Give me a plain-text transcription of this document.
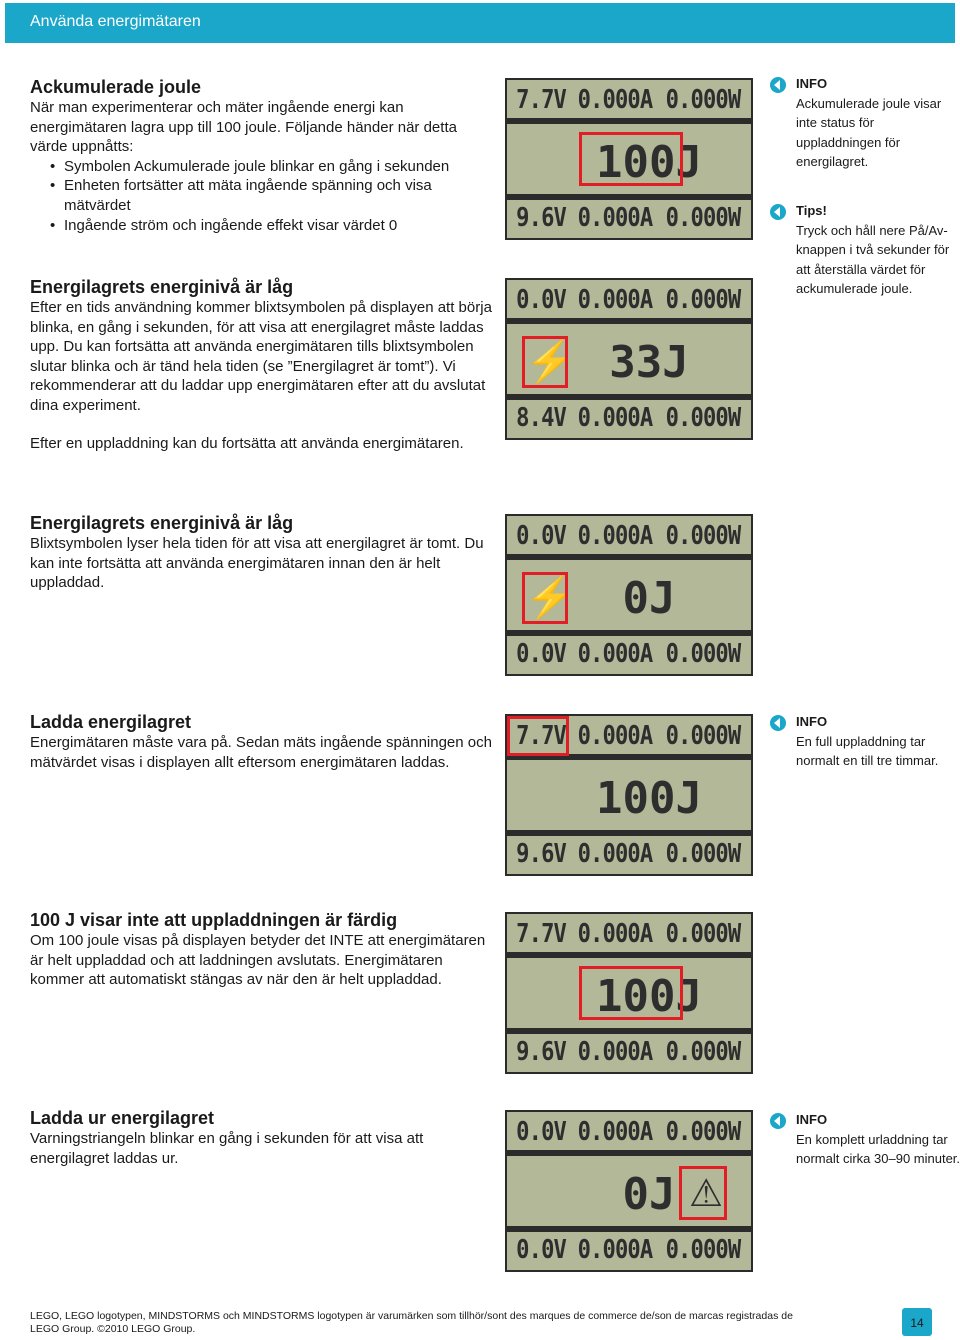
Använda energimätaren
Ackumulerade joule

När man experimenterar och mäter ingående energi kan energimätaren lagra upp till 100 joule. Följande händer när detta värde uppnåtts:

• Symbolen Ackumulerade joule blinkar en gång i sekunden
• Enheten fortsätter att mäta ingående spänning och visa mätvärdet
• Ingående ström och ingående effekt visar värdet 0
Energilagrets energinivå är låg

Efter en tids användning kommer blixtsymbolen på displayen att börja blinka, en gång i sekunden, för att visa att energilagret måste laddas upp. Du kan fortsätta att använda energimätaren tills blixtsymbolen slutar blinka och är tänd hela tiden (se ”Energilagret är tomt”). Vi rekommenderar att du laddar upp energimätaren efter att du avslutat dina experiment.

Efter en uppladdning kan du fortsätta att använda energimätaren.

Energilagrets energinivå är låg

Blixtsymbolen lyser hela tiden för att visa att energilagret är tomt. Du kan inte fortsätta att använda energimätaren innan den är helt uppladdad.

Ladda energilagret

Energimätaren måste vara på. Sedan mäts ingående spänningen och mätvärdet visas i displayen allt eftersom energimätaren laddas.

100 J visar inte att uppladdningen är färdig

Om 100 joule visas på displayen betyder det INTE att energimätaren är helt uppladdad och att laddningen avslutats. Energimätaren kommer att automatiskt stängas av när den är helt uppladdad.

Ladda ur energilagret

Varningstriangeln blinkar en gång i sekunden för att visa att energilagret laddas ur.

INFO
Ackumulerade joule visar inte status för uppladdningen för energilagret.
Tips!
Tryck och håll nere På/Av-knappen i två sekunder för att återställa värdet för ackumulerade joule.
INFO
En full uppladdning tar normalt en till tre timmar.
INFO
En komplett urladdning tar normalt cirka 30–90 minuter.
7.7V 0.000A 0.000W
100J
9.6V 0.000A 0.000W
0.0V 0.000A 0.000W
⚡ 33J
8.4V 0.000A 0.000W
0.0V 0.000A 0.000W
⚡	0J
0.0V 0.000A 0.000W
7.7V 0.000A 0.000W
100J
9.6V 0.000A 0.000W
7.7V 0.000A 0.000W
100J
9.6V 0.000A 0.000W
0.0V 0.000A 0.000W
0J ⚠
0.0V 0.000A 0.000W
LEGO, LEGO logotypen, MINDSTORMS och MINDSTORMS logotypen är varumärken som tillhör/sont des marques de commerce de/son de marcas registradas de LEGO Group. ©2010 LEGO Group.	14
